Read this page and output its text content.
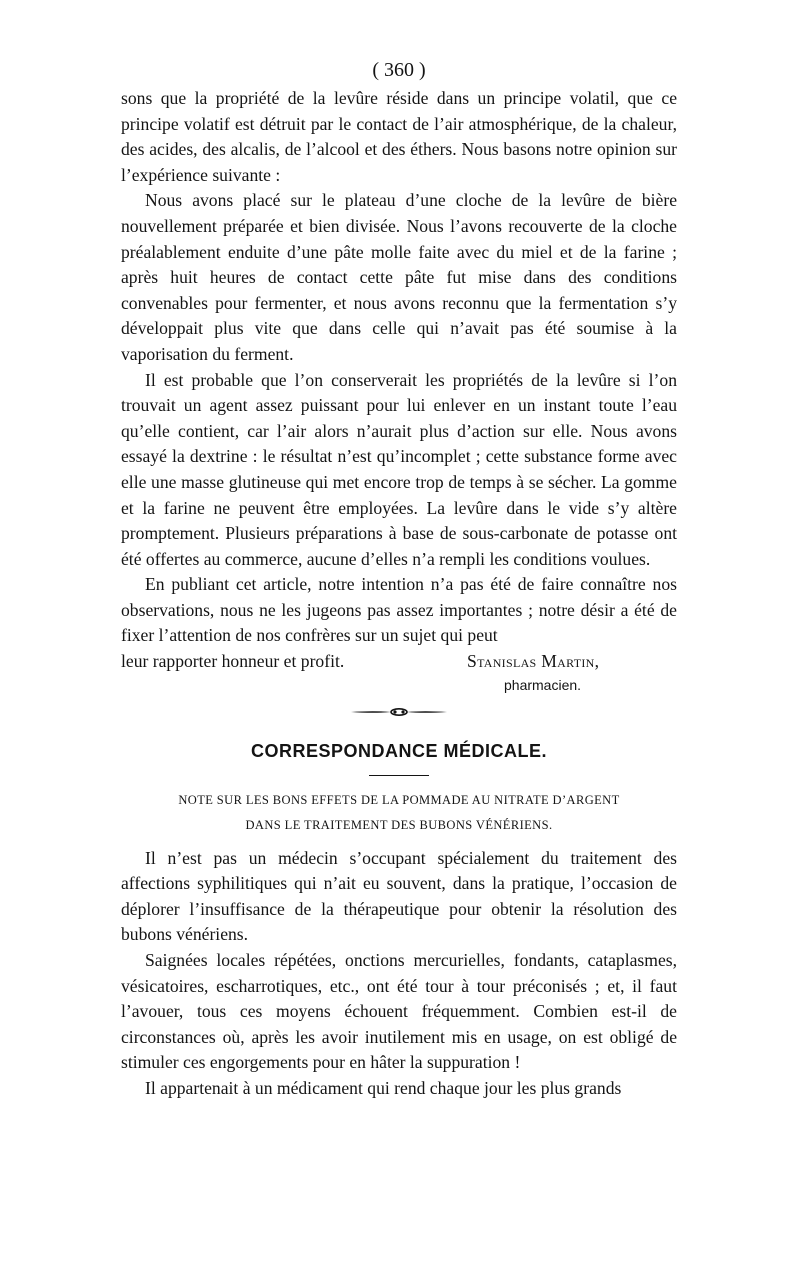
( 360 )

sons que la propriété de la levûre réside dans un principe volatil, que ce principe volatif est détruit par le contact de l’air atmosphérique, de la chaleur, des acides, des alcalis, de l’alcool et des éthers. Nous basons notre opinion sur l’expérience suivante :

Nous avons placé sur le plateau d’une cloche de la levûre de bière nouvellement préparée et bien divisée. Nous l’avons recouverte de la cloche préalablement enduite d’une pâte molle faite avec du miel et de la farine ; après huit heures de contact cette pâte fut mise dans des conditions convenables pour fermenter, et nous avons reconnu que la fermentation s’y développait plus vite que dans celle qui n’avait pas été soumise à la vaporisation du ferment.

Il est probable que l’on conserverait les propriétés de la levûre si l’on trouvait un agent assez puissant pour lui enlever en un instant toute l’eau qu’elle contient, car l’air alors n’aurait plus d’action sur elle. Nous avons essayé la dextrine : le résultat n’est qu’incomplet ; cette substance forme avec elle une masse glutineuse qui met encore trop de temps à se sécher. La gomme et la farine ne peuvent être employées. La levûre dans le vide s’y altère promptement. Plusieurs préparations à base de sous-carbonate de potasse ont été offertes au commerce, aucune d’elles n’a rempli les conditions voulues.

En publiant cet article, notre intention n’a pas été de faire connaître nos observations, nous ne les jugeons pas assez importantes ; notre désir a été de fixer l’attention de nos confrères sur un sujet qui peut

leur rapporter honneur et profit.	Stanislas Martin,
pharmacien.
CORRESPONDANCE MÉDICALE.
NOTE SUR LES BONS EFFETS DE LA POMMADE AU NITRATE D’ARGENT
DANS LE TRAITEMENT DES BUBONS VÉNÉRIENS.

Il n’est pas un médecin s’occupant spécialement du traitement des affections syphilitiques qui n’ait eu souvent, dans la pratique, l’occasion de déplorer l’insuffisance de la thérapeutique pour obtenir la résolution des bubons vénériens.

Saignées locales répétées, onctions mercurielles, fondants, cataplasmes, vésicatoires, escharrotiques, etc., ont été tour à tour préconisés ; et, il faut l’avouer, tous ces moyens échouent fréquemment. Combien est-il de circonstances où, après les avoir inutilement mis en usage, on est obligé de stimuler ces engorgements pour en hâter la suppuration !

Il appartenait à un médicament qui rend chaque jour les plus grands
